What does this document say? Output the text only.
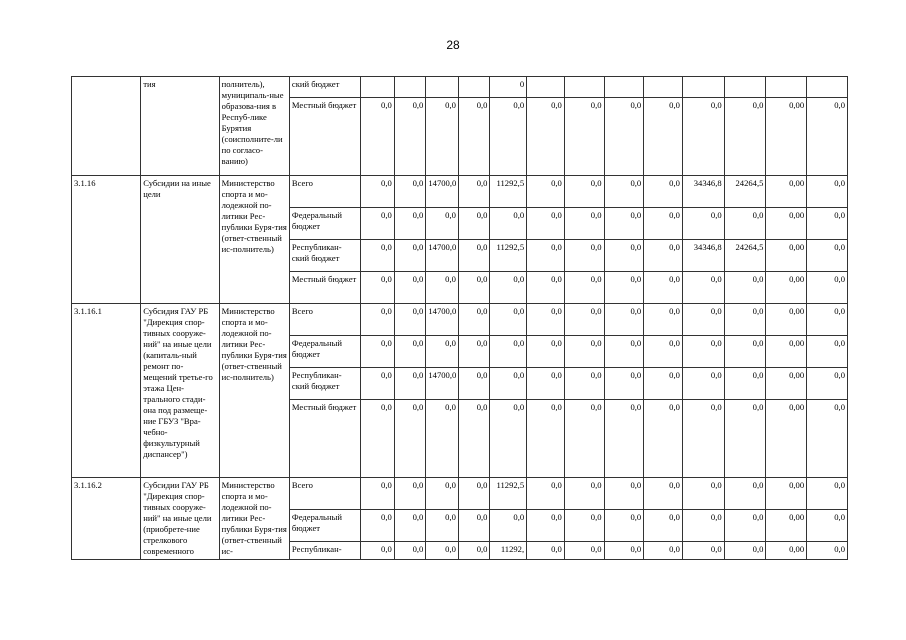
28
	тия	полнитель), муниципаль-ные образова-ния в Респуб-лике Бурятия (соисполните-ли по согласо-ванию)	ский бюджет					0								
			Местный бюджет	0,0	0,0	0,0	0,0	0,0	0,0	0,0	0,0	0,0	0,0	0,0	0,00	0,0
3.1.16	Субсидии на иные цели	Министерство спорта и мо-лодежной по-литики Рес-публики Буря-тия (ответ-ственный ис-полнитель)	Всего	0,0	0,0	14700,0	0,0	11292,5	0,0	0,0	0,0	0,0	34346,8	24264,5	0,00	0,0
			Федеральный бюджет	0,0	0,0	0,0	0,0	0,0	0,0	0,0	0,0	0,0	0,0	0,0	0,00	0,0
			Республикан-ский бюджет	0,0	0,0	14700,0	0,0	11292,5	0,0	0,0	0,0	0,0	34346,8	24264,5	0,00	0,0
			Местный бюджет	0,0	0,0	0,0	0,0	0,0	0,0	0,0	0,0	0,0	0,0	0,0	0,00	0,0
3.1.16.1	Субсидия ГАУ РБ "Дирекция спор-тивных сооруже-ний" на иные цели (капиталь-ный ремонт по-мещений третье-го этажа Цен-трального стади-она под размеще-ние ГБУЗ "Вра-чебно-физкультурный диспансер")	Министерство спорта и мо-лодежной по-литики Рес-публики Буря-тия (ответ-ственный ис-полнитель)	Всего	0,0	0,0	14700,0	0,0	0,0	0,0	0,0	0,0	0,0	0,0	0,0	0,00	0,0
			Федеральный бюджет	0,0	0,0	0,0	0,0	0,0	0,0	0,0	0,0	0,0	0,0	0,0	0,00	0,0
			Республикан-ский бюджет	0,0	0,0	14700,0	0,0	0,0	0,0	0,0	0,0	0,0	0,0	0,0	0,00	0,0
			Местный бюджет	0,0	0,0	0,0	0,0	0,0	0,0	0,0	0,0	0,0	0,0	0,0	0,00	0,0
3.1.16.2	Субсидии ГАУ РБ "Дирекция спор-тивных сооруже-ний" на иные цели (приобрете-ние стрелкового современного	Министерство спорта и мо-лодежной по-литики Рес-публики Буря-тия (ответ-ственный ис-	Всего	0,0	0,0	0,0	0,0	11292,5	0,0	0,0	0,0	0,0	0,0	0,0	0,00	0,0
			Федеральный бюджет	0,0	0,0	0,0	0,0	0,0	0,0	0,0	0,0	0,0	0,0	0,0	0,00	0,0
			Республикан-	0,0	0,0	0,0	0,0	11292,	0,0	0,0	0,0	0,0	0,0	0,0	0,00	0,0
